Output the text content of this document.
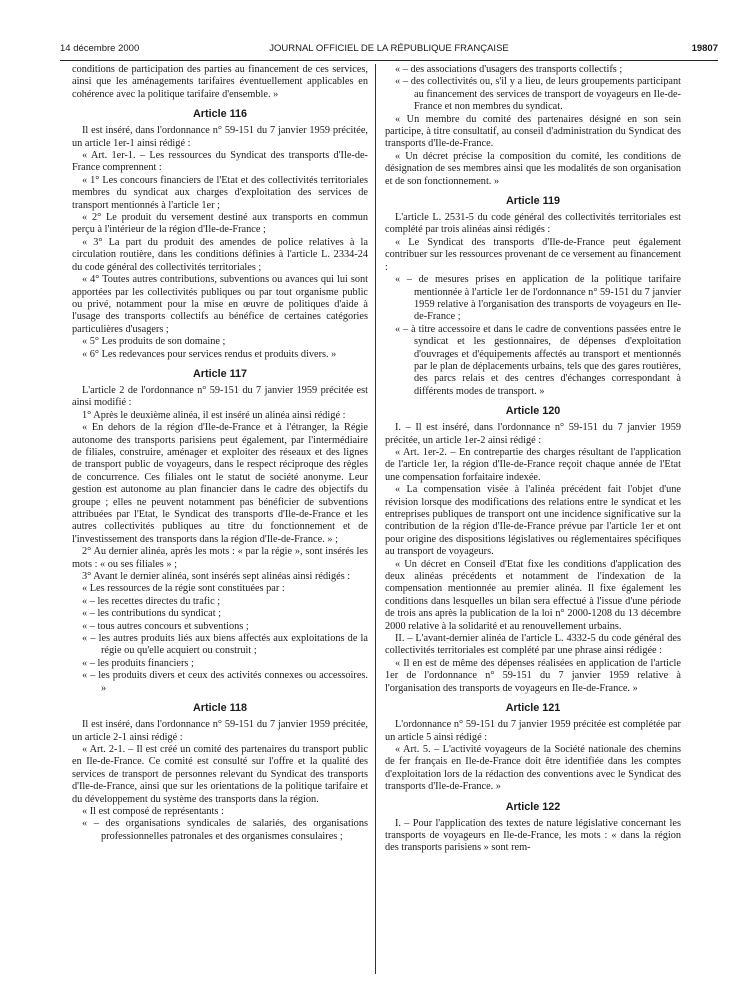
14 décembre 2000	JOURNAL OFFICIEL DE LA RÉPUBLIQUE FRANÇAISE	19807

conditions de participation des parties au financement de ces services, ainsi que les aménagements tarifaires éventuellement applicables en cohérence avec la politique tarifaire d'ensemble. »

Article 116

Il est inséré, dans l'ordonnance n° 59-151 du 7 janvier 1959 précitée, un article 1er-1 ainsi rédigé :

« Art. 1er-1. – Les ressources du Syndicat des transports d'Ile-de-France comprennent :

« 1° Les concours financiers de l'Etat et des collectivités territoriales membres du syndicat aux charges d'exploitation des services de transport mentionnés à l'article 1er ;

« 2° Le produit du versement destiné aux transports en commun perçu à l'intérieur de la région d'Ile-de-France ;

« 3° La part du produit des amendes de police relatives à la circulation routière, dans les conditions définies à l'article L. 2334-24 du code général des collectivités territoriales ;

« 4° Toutes autres contributions, subventions ou avances qui lui sont apportées par les collectivités publiques ou par tout organisme public ou privé, notamment pour la mise en œuvre de politiques d'aide à l'usage des transports collectifs au bénéfice de certaines catégories particulières d'usagers ;

« 5° Les produits de son domaine ;

« 6° Les redevances pour services rendus et produits divers. »

Article 117

L'article 2 de l'ordonnance n° 59-151 du 7 janvier 1959 précitée est ainsi modifié :

1° Après le deuxième alinéa, il est inséré un alinéa ainsi rédigé :

« En dehors de la région d'Ile-de-France et à l'étranger, la Régie autonome des transports parisiens peut également, par l'intermédiaire de filiales, construire, aménager et exploiter des réseaux et des lignes de transport public de voyageurs, dans le respect réciproque des règles de concurrence. Ces filiales ont le statut de société anonyme. Leur gestion est autonome au plan financier dans le cadre des objectifs du groupe ; elles ne peuvent notamment pas bénéficier de subventions attribuées par l'Etat, le Syndicat des transports d'Ile-de-France et les autres collectivités publiques au titre du fonctionnement et de l'investissement des transports dans la région d'Ile-de-France. » ;

2° Au dernier alinéa, après les mots : « par la régie », sont insérés les mots : « ou ses filiales » ;

3° Avant le dernier alinéa, sont insérés sept alinéas ainsi rédigés :

« Les ressources de la régie sont constituées par :

« – les recettes directes du trafic ;

« – les contributions du syndicat ;

« – tous autres concours et subventions ;

« – les autres produits liés aux biens affectés aux exploitations de la régie ou qu'elle acquiert ou construit ;

« – les produits financiers ;

« – les produits divers et ceux des activités connexes ou accessoires. »

Article 118

Il est inséré, dans l'ordonnance n° 59-151 du 7 janvier 1959 précitée, un article 2-1 ainsi rédigé :

« Art. 2-1. – Il est créé un comité des partenaires du transport public en Ile-de-France. Ce comité est consulté sur l'offre et la qualité des services de transport de personnes relevant du Syndicat des transports d'Ile-de-France, ainsi que sur les orientations de la politique tarifaire et du développement du système des transports dans la région.

« Il est composé de représentants :

« – des organisations syndicales de salariés, des organisations professionnelles patronales et des organismes consulaires ;

« – des associations d'usagers des transports collectifs ;

« – des collectivités ou, s'il y a lieu, de leurs groupements participant au financement des services de transport de voyageurs en Ile-de-France et non membres du syndicat.

« Un membre du comité des partenaires désigné en son sein participe, à titre consultatif, au conseil d'administration du Syndicat des transports d'Ile-de-France.

« Un décret précise la composition du comité, les conditions de désignation de ses membres ainsi que les modalités de son organisation et de son fonctionnement. »

Article 119

L'article L. 2531-5 du code général des collectivités territoriales est complété par trois alinéas ainsi rédigés :

« Le Syndicat des transports d'Ile-de-France peut également contribuer sur les ressources provenant de ce versement au financement :

« – de mesures prises en application de la politique tarifaire mentionnée à l'article 1er de l'ordonnance n° 59-151 du 7 janvier 1959 relative à l'organisation des transports de voyageurs en Ile-de-France ;

« – à titre accessoire et dans le cadre de conventions passées entre le syndicat et les gestionnaires, de dépenses d'exploitation d'ouvrages et d'équipements affectés au transport et mentionnés par le plan de déplacements urbains, tels que des gares routières, des parcs relais et des centres d'échanges correspondant à différents modes de transport. »

Article 120

I. – Il est inséré, dans l'ordonnance n° 59-151 du 7 janvier 1959 précitée, un article 1er-2 ainsi rédigé :

« Art. 1er-2. – En contrepartie des charges résultant de l'application de l'article 1er, la région d'Ile-de-France reçoit chaque année de l'Etat une compensation forfaitaire indexée.

« La compensation visée à l'alinéa précédent fait l'objet d'une révision lorsque des modifications des relations entre le syndicat et les entreprises publiques de transport ont une incidence significative sur la contribution de la région d'Ile-de-France prévue par l'article 1er et ont pour origine des dispositions législatives ou réglementaires spécifiques au transport de voyageurs.

« Un décret en Conseil d'Etat fixe les conditions d'application des deux alinéas précédents et notamment de l'indexation de la compensation mentionnée au premier alinéa. Il fixe également les conditions dans lesquelles un bilan sera effectué à l'issue d'une période de trois ans après la publication de la loi n° 2000-1208 du 13 décembre 2000 relative à la solidarité et au renouvellement urbains.

II. – L'avant-dernier alinéa de l'article L. 4332-5 du code général des collectivités territoriales est complété par une phrase ainsi rédigée :

« Il en est de même des dépenses réalisées en application de l'article 1er de l'ordonnance n° 59-151 du 7 janvier 1959 relative à l'organisation des transports de voyageurs en Ile-de-France. »

Article 121

L'ordonnance n° 59-151 du 7 janvier 1959 précitée est complétée par un article 5 ainsi rédigé :

« Art. 5. – L'activité voyageurs de la Société nationale des chemins de fer français en Ile-de-France doit être identifiée dans les comptes d'exploitation lors de la rédaction des conventions avec le Syndicat des transports d'Ile-de-France. »

Article 122

I. – Pour l'application des textes de nature législative concernant les transports de voyageurs en Ile-de-France, les mots : « dans la région des transports parisiens » sont rem-
